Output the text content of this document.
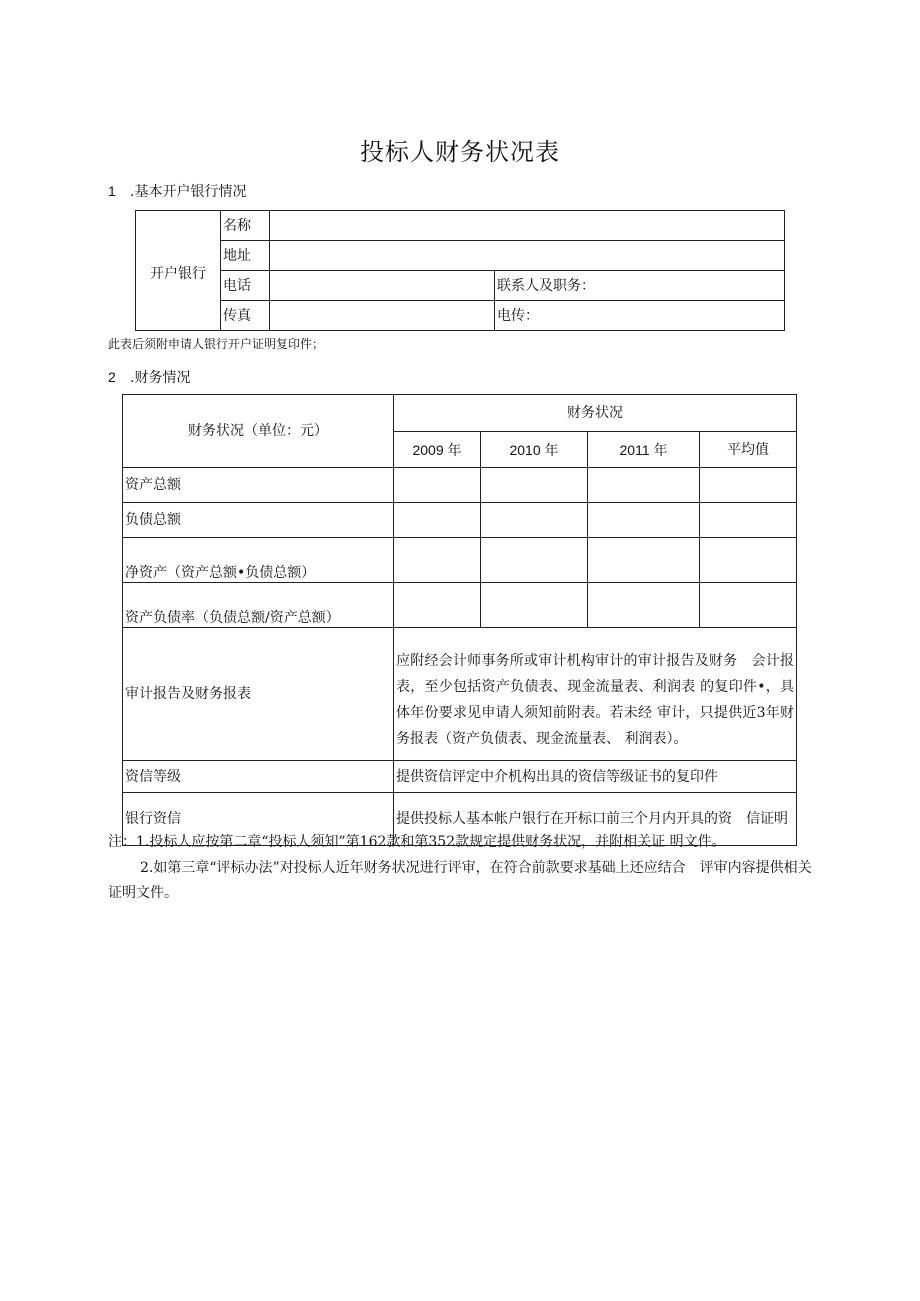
投标人财务状况表
1 .基本开户银行情况
开户银行	名称		
	地址		
	电话		联系人及职务：
	传真		电传：
此表后须附申请人银行开户证明复印件；
2 .财务情况
财务状况（单位：元）	财务状况			
	2009 年	2010 年	2011 年	平均值
资产总额				
负债总额				
净资产（资产总额•负债总额）				
资产负债率（负债总额/资产总额）				
审计报告及财务报表	应附经会计师事务所或审计机构审计的审计报告及财务　会计报表，至少包括资产负债表、现金流量表、利润表 的复印件•，具体年份要求见申请人须知前附表。若未经 审计，只提供近3年财务报表（资产负债表、现金流量表、 利润表）。			
资信等级	提供资信评定中介机构出具的资信等级证书的复印件			
银行资信	提供投标人基本帐户银行在开标口前三个月内开具的资　信证明			
注：1.投标人应按第二章“投标人须知”第162款和第352款规定提供财务状况，并附相关证 明文件。
2.如第三章“评标办法”对投标人近年财务状况进行评审，在符合前款要求基础上还应结合　评审内容提供相关证明文件。
